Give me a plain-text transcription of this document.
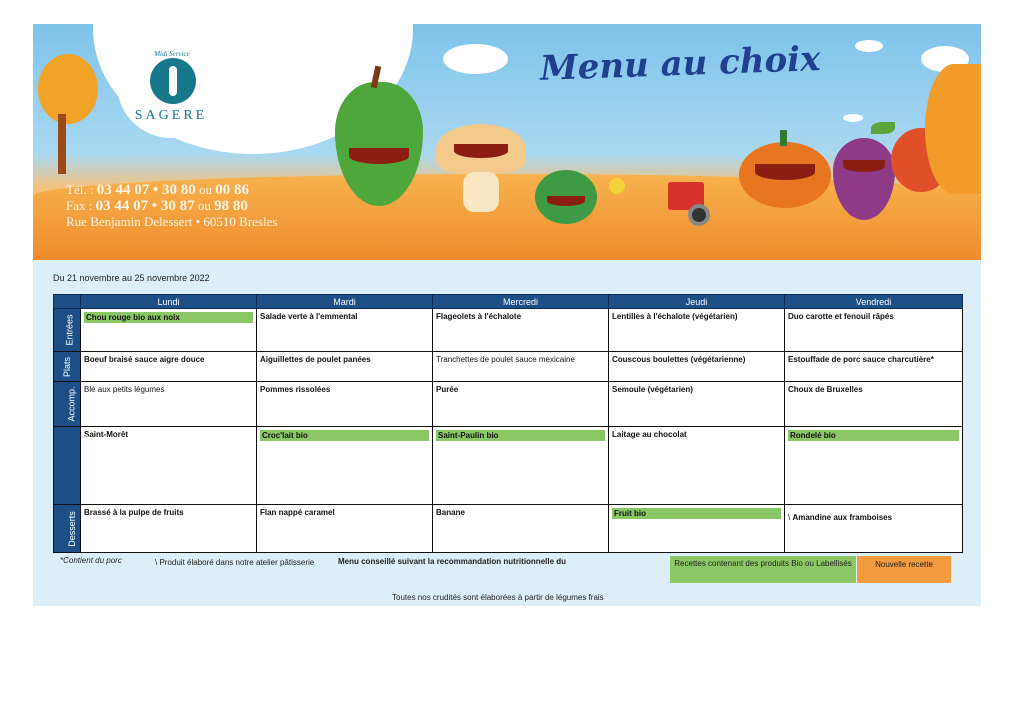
Midi Service
SAGERE
Menu au choix
Tél. : 03 44 07 • 30 80 ou 00 86
Fax : 03 44 07 • 30 87 ou 98 80
Rue Benjamin Delessert • 60510 Bresles
Du 21 novembre au 25 novembre 2022
	Lundi	Mardi	Mercredi	Jeudi	Vendredi
Entrées	Chou rouge bio aux noix	Salade verte à l'emmental	Flageolets à l'échalote	Lentilles à l'échalote (végétarien)	Duo carotte et fenouil râpés
Plats	Boeuf braisé sauce aigre douce	Aiguillettes de poulet panées	Tranchettes de poulet sauce mexicaine	Couscous boulettes (végétarienne)	Estouffade de porc sauce charcutière*
Accomp.	Blé aux petits légumes	Pommes rissolées	Purée	Semoule (végétarien)	Choux de Bruxelles
Produits laitiers	Saint-Morêt	Croc'lait bio	Saint-Paulin bio	Laitage au chocolat	Rondelé bio

Desserts	Brassé à la pulpe de fruits	Flan nappé caramel	Banane	Fruit bio	\ Amandine aux framboises
*Contient du porc	\ Produit élaboré dans notre atelier pâtisserie	Menu conseillé suivant la recommandation nutritionnelle du	Recettes contenant des produits Bio ou Labellisés	Nouvelle recette
Toutes nos crudités sont élaborées à partir de légumes frais
